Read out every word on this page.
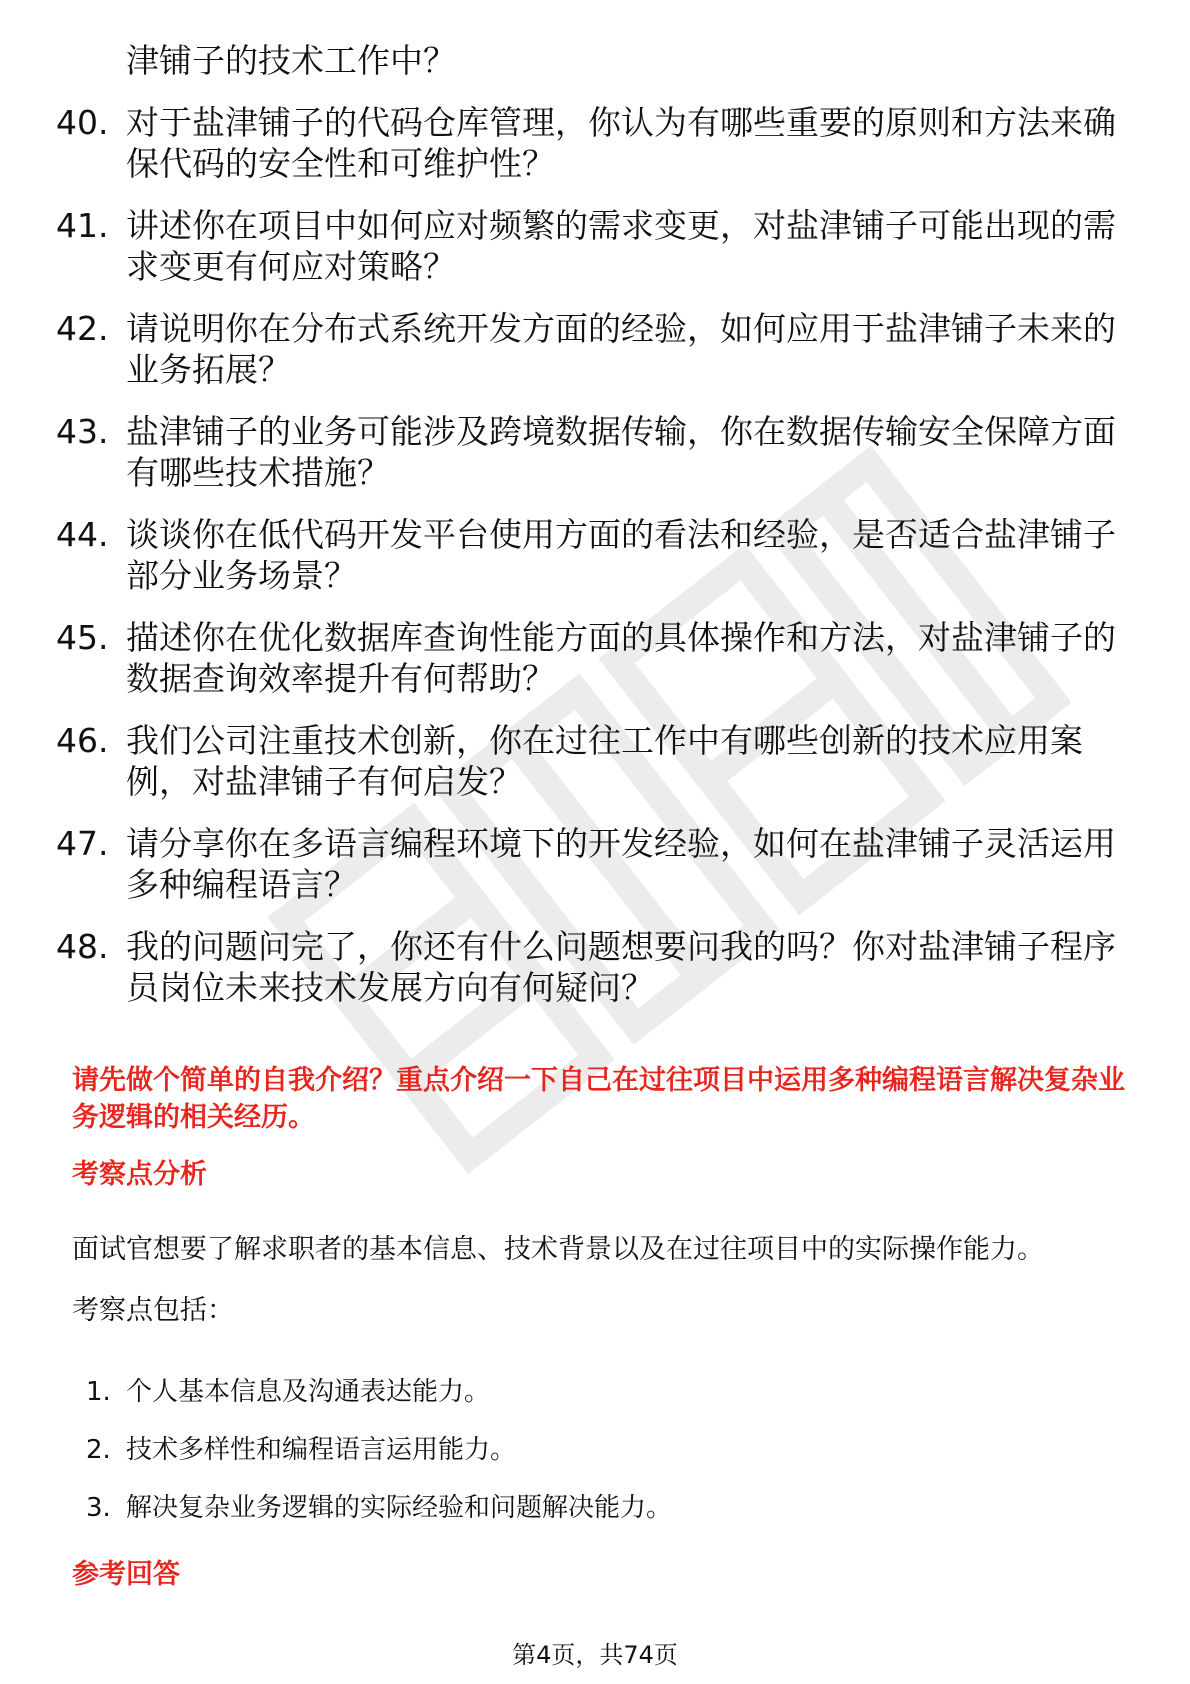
津铺子的技术工作中？
40. 对于盐津铺子的代码仓库管理，你认为有哪些重要的原则和方法来确保代码的安全性和可维护性？
41. 讲述你在项目中如何应对频繁的需求变更，对盐津铺子可能出现的需求变更有何应对策略？
42. 请说明你在分布式系统开发方面的经验，如何应用于盐津铺子未来的业务拓展？
43. 盐津铺子的业务可能涉及跨境数据传输，你在数据传输安全保障方面有哪些技术措施？
44. 谈谈你在低代码开发平台使用方面的看法和经验，是否适合盐津铺子部分业务场景？
45. 描述你在优化数据库查询性能方面的具体操作和方法，对盐津铺子的数据查询效率提升有何帮助？
46. 我们公司注重技术创新，你在过往工作中有哪些创新的技术应用案例，对盐津铺子有何启发？
47. 请分享你在多语言编程环境下的开发经验，如何在盐津铺子灵活运用多种编程语言？
48. 我的问题问完了，你还有什么问题想要问我的吗？你对盐津铺子程序员岗位未来技术发展方向有何疑问？

请先做个简单的自我介绍？重点介绍一下自己在过往项目中运用多种编程语言解决复杂业务逻辑的相关经历。

考察点分析

面试官想要了解求职者的基本信息、技术背景以及在过往项目中的实际操作能力。

考察点包括：

1. 个人基本信息及沟通表达能力。
2. 技术多样性和编程语言运用能力。
3. 解决复杂业务逻辑的实际经验和问题解决能力。
参考回答
第4页，共74页
